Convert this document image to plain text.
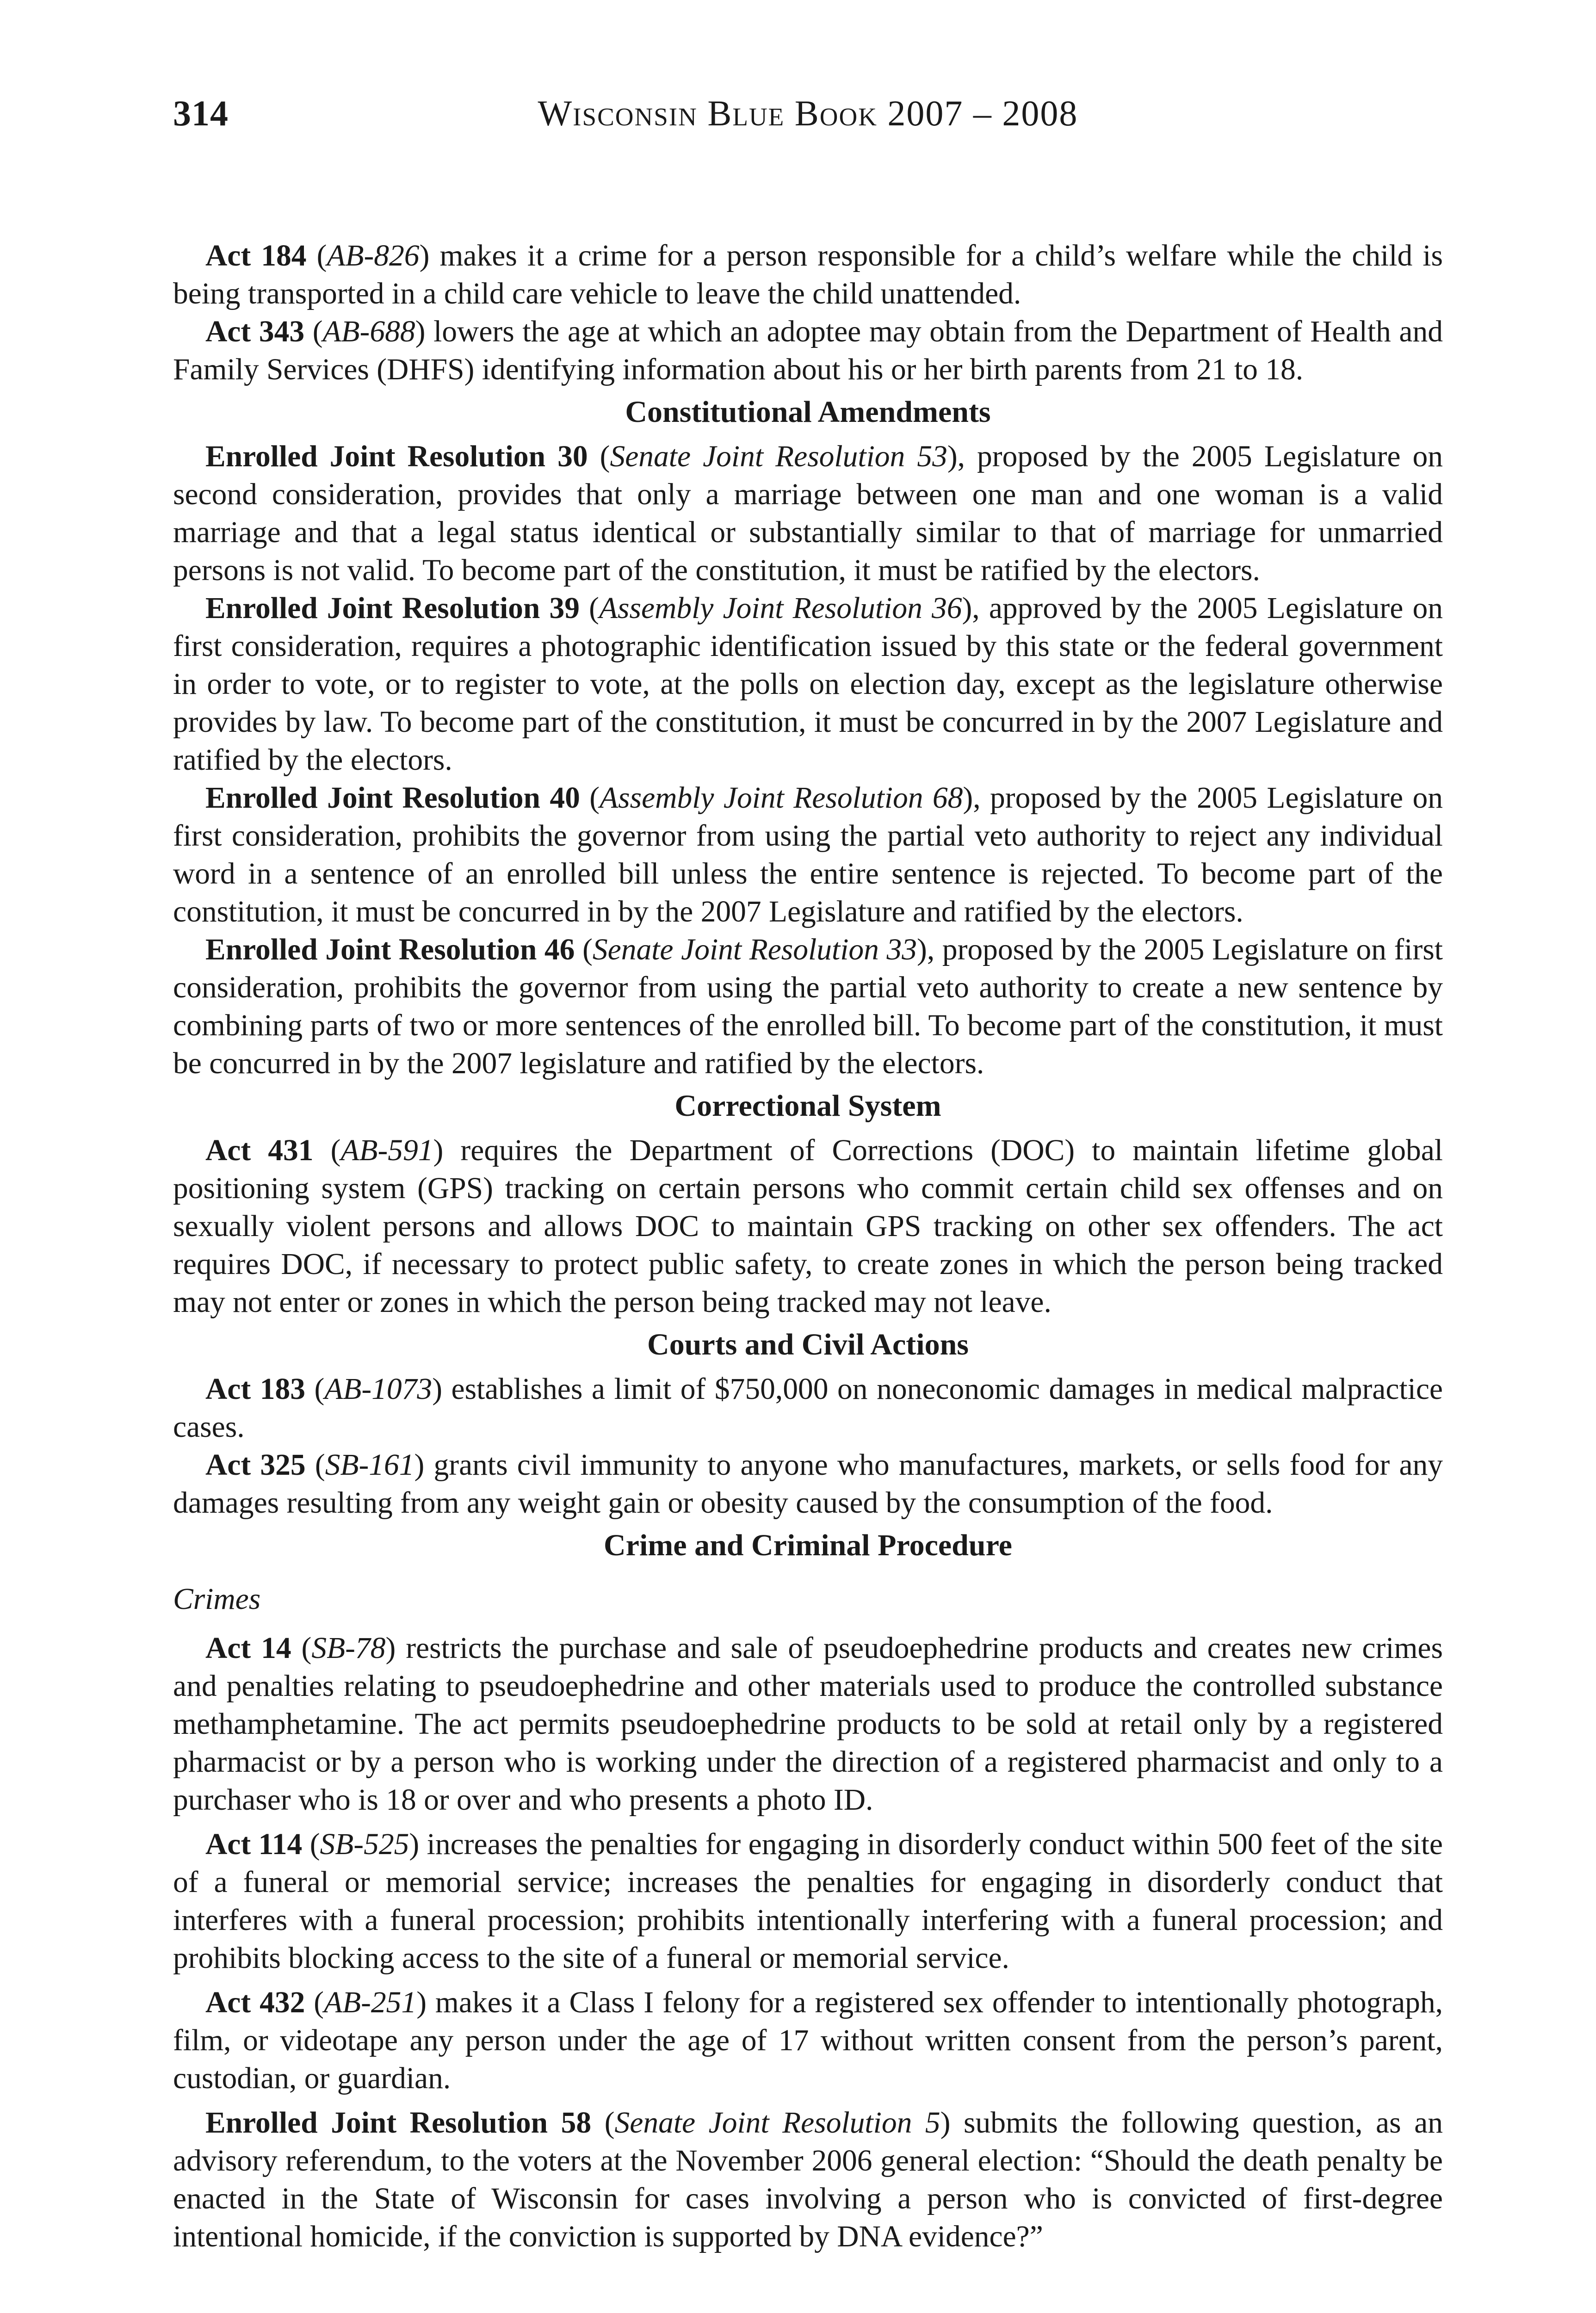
314	Wisconsin Blue Book 2007 – 2008

Act 184 (AB-826) makes it a crime for a person responsible for a child’s welfare while the child is being transported in a child care vehicle to leave the child unattended.

Act 343 (AB-688) lowers the age at which an adoptee may obtain from the Department of Health and Family Services (DHFS) identifying information about his or her birth parents from 21 to 18.

Constitutional Amendments

Enrolled Joint Resolution 30 (Senate Joint Resolution 53), proposed by the 2005 Legislature on second consideration, provides that only a marriage between one man and one woman is a valid marriage and that a legal status identical or substantially similar to that of marriage for unmarried persons is not valid. To become part of the constitution, it must be ratified by the electors.

Enrolled Joint Resolution 39 (Assembly Joint Resolution 36), approved by the 2005 Legislature on first consideration, requires a photographic identification issued by this state or the federal government in order to vote, or to register to vote, at the polls on election day, except as the legislature otherwise provides by law. To become part of the constitution, it must be concurred in by the 2007 Legislature and ratified by the electors.

Enrolled Joint Resolution 40 (Assembly Joint Resolution 68), proposed by the 2005 Legislature on first consideration, prohibits the governor from using the partial veto authority to reject any individual word in a sentence of an enrolled bill unless the entire sentence is rejected. To become part of the constitution, it must be concurred in by the 2007 Legislature and ratified by the electors.

Enrolled Joint Resolution 46 (Senate Joint Resolution 33), proposed by the 2005 Legislature on first consideration, prohibits the governor from using the partial veto authority to create a new sentence by combining parts of two or more sentences of the enrolled bill. To become part of the constitution, it must be concurred in by the 2007 legislature and ratified by the electors.

Correctional System

Act 431 (AB-591) requires the Department of Corrections (DOC) to maintain lifetime global positioning system (GPS) tracking on certain persons who commit certain child sex offenses and on sexually violent persons and allows DOC to maintain GPS tracking on other sex offenders. The act requires DOC, if necessary to protect public safety, to create zones in which the person being tracked may not enter or zones in which the person being tracked may not leave.

Courts and Civil Actions

Act 183 (AB-1073) establishes a limit of $750,000 on noneconomic damages in medical malpractice cases.

Act 325 (SB-161) grants civil immunity to anyone who manufactures, markets, or sells food for any damages resulting from any weight gain or obesity caused by the consumption of the food.

Crime and Criminal Procedure
Crimes

Act 14 (SB-78) restricts the purchase and sale of pseudoephedrine products and creates new crimes and penalties relating to pseudoephedrine and other materials used to produce the controlled substance methamphetamine. The act permits pseudoephedrine products to be sold at retail only by a registered pharmacist or by a person who is working under the direction of a registered pharmacist and only to a purchaser who is 18 or over and who presents a photo ID.

Act 114 (SB-525) increases the penalties for engaging in disorderly conduct within 500 feet of the site of a funeral or memorial service; increases the penalties for engaging in disorderly conduct that interferes with a funeral procession; prohibits intentionally interfering with a funeral procession; and prohibits blocking access to the site of a funeral or memorial service.

Act 432 (AB-251) makes it a Class I felony for a registered sex offender to intentionally photograph, film, or videotape any person under the age of 17 without written consent from the person’s parent, custodian, or guardian.

Enrolled Joint Resolution 58 (Senate Joint Resolution 5) submits the following question, as an advisory referendum, to the voters at the November 2006 general election: “Should the death penalty be enacted in the State of Wisconsin for cases involving a person who is convicted of first-degree intentional homicide, if the conviction is supported by DNA evidence?”
